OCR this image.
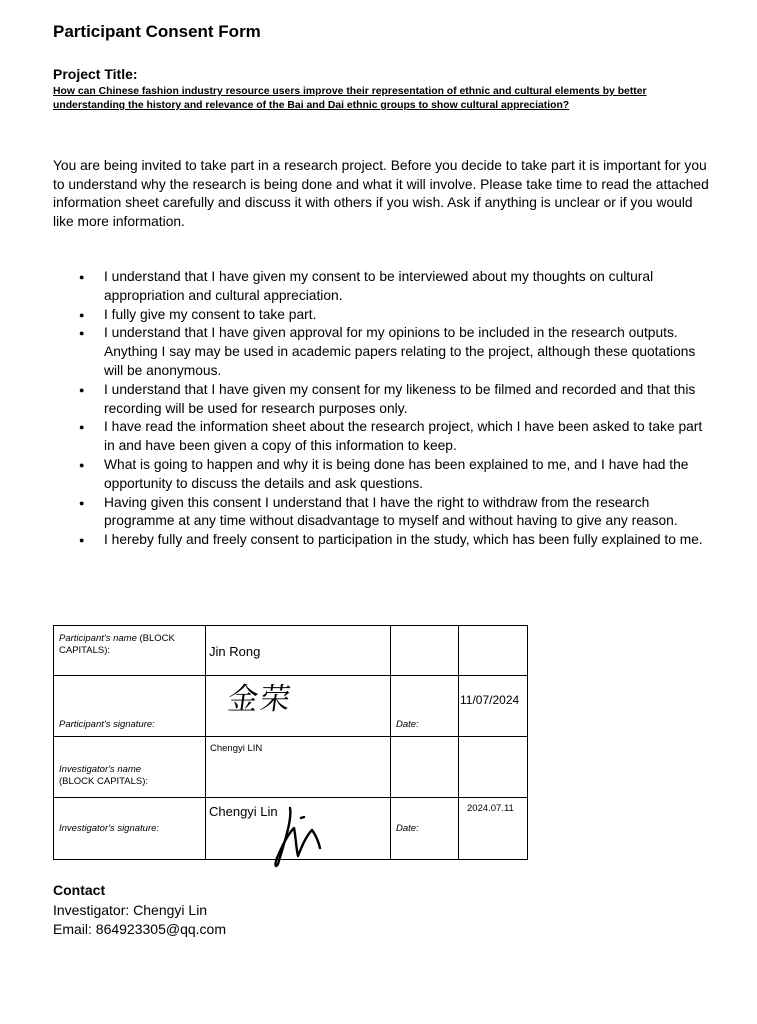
Participant Consent Form
Project Title:
How can Chinese fashion industry resource users improve their representation of ethnic and cultural elements by better understanding the history and relevance of the Bai and Dai ethnic groups to show cultural appreciation?
You are being invited to take part in a research project. Before you decide to take part it is important for you to understand why the research is being done and what it will involve. Please take time to read the attached information sheet carefully and discuss it with others if you wish. Ask if anything is unclear or if you would like more information.
● I understand that I have given my consent to be interviewed about my thoughts on cultural appropriation and cultural appreciation.
● I fully give my consent to take part.
● I understand that I have given approval for my opinions to be included in the research outputs. Anything I say may be used in academic papers relating to the project, although these quotations will be anonymous.
● I understand that I have given my consent for my likeness to be filmed and recorded and that this recording will be used for research purposes only.
● I have read the information sheet about the research project, which I have been asked to take part in and have been given a copy of this information to keep.
● What is going to happen and why it is being done has been explained to me, and I have had the opportunity to discuss the details and ask questions.
● Having given this consent I understand that I have the right to withdraw from the research programme at any time without disadvantage to myself and without having to give any reason.
● I hereby fully and freely consent to participation in the study, which has been fully explained to me.
Participant's name (BLOCK CAPITALS):	Jin Rong		

Participant's signature:	金荣	Date:	11/07/2024

Investigator's name
(BLOCK CAPITALS):	Chengyi LIN		

Investigator's signature:	Chengyi Lin	Date:	2024.07.11
Contact
Investigator: Chengyi Lin
Email: 864923305@qq.com
